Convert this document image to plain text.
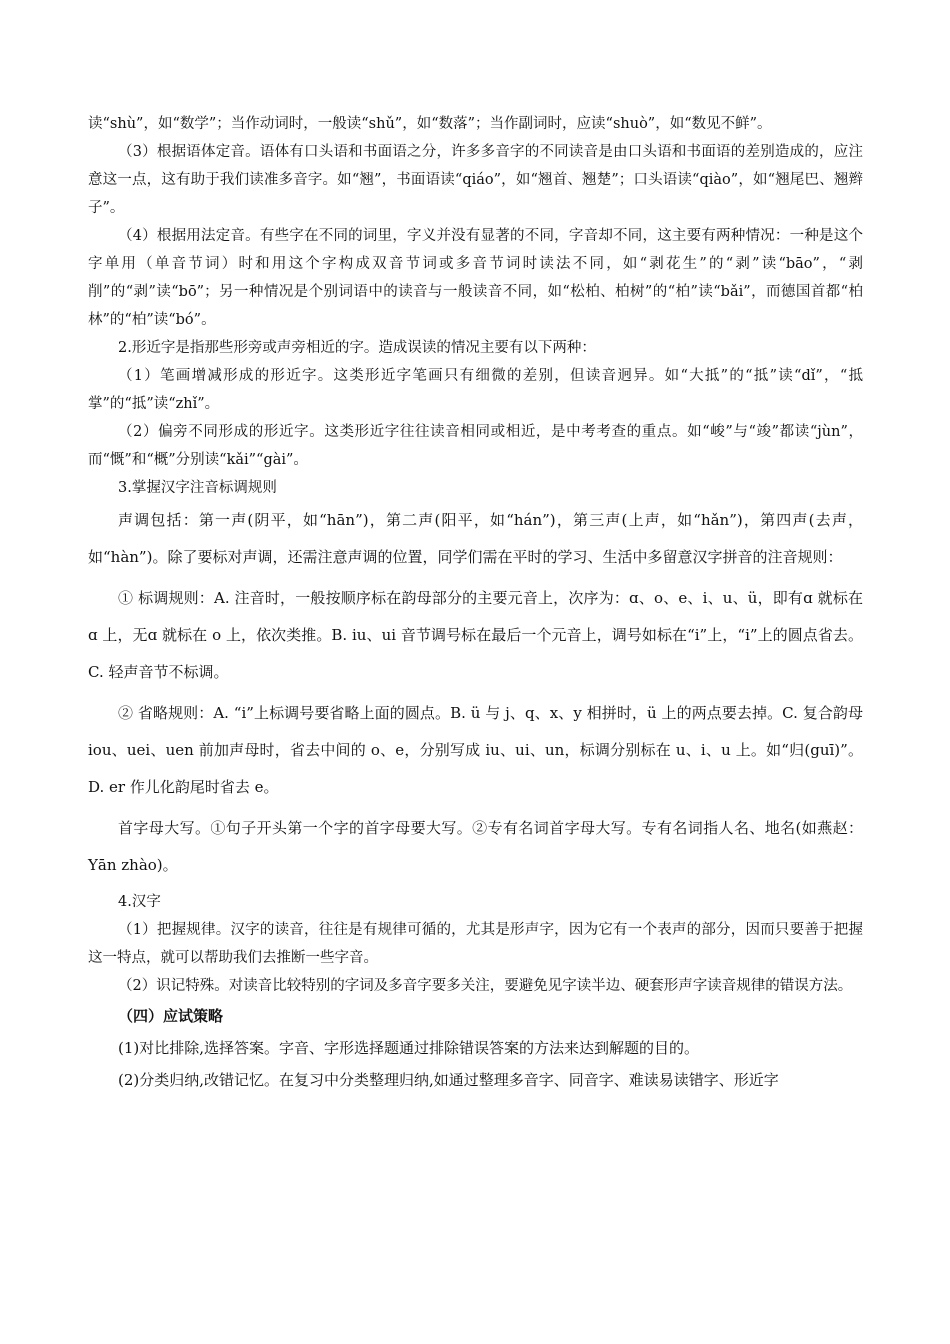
读“shù”，如“数学”；当作动词时，一般读“shǔ”，如“数落”；当作副词时，应读“shuò”，如“数见不鲜”。

（3）根据语体定音。语体有口头语和书面语之分，许多多音字的不同读音是由口头语和书面语的差别造成的，应注意这一点，这有助于我们读准多音字。如“翘”，书面语读“qiáo”，如“翘首、翘楚”；口头语读“qiào”，如“翘尾巴、翘辫子”。

（4）根据用法定音。有些字在不同的词里，字义并没有显著的不同，字音却不同，这主要有两种情况：一种是这个字单用（单音节词）时和用这个字构成双音节词或多音节词时读法不同，如“剥花生”的“剥”读“bāo”，“剥削”的“剥”读“bō”；另一种情况是个别词语中的读音与一般读音不同，如“松柏、柏树”的“柏”读“bǎi”，而德国首都“柏林”的“柏”读“bó”。

2.形近字是指那些形旁或声旁相近的字。造成误读的情况主要有以下两种：

（1）笔画增减形成的形近字。这类形近字笔画只有细微的差别，但读音迥异。如“大抵”的“抵”读“dǐ”，“抵掌”的“抵”读“zhǐ”。

（2）偏旁不同形成的形近字。这类形近字往往读音相同或相近，是中考考查的重点。如“峻”与“竣”都读“jùn”，而“慨”和“概”分别读“kǎi”“gài”。

3.掌握汉字注音标调规则

声调包括：第一声(阴平，如“hān”)，第二声(阳平，如“hán”)，第三声(上声，如“hǎn”)，第四声(去声，如“hàn”)。除了要标对声调，还需注意声调的位置，同学们需在平时的学习、生活中多留意汉字拼音的注音规则：

① 标调规则：A. 注音时，一般按顺序标在韵母部分的主要元音上，次序为：ɑ、o、e、i、u、ü，即有ɑ 就标在ɑ 上，无ɑ 就标在 o 上，依次类推。B. iu、ui 音节调号标在最后一个元音上，调号如标在“i”上，“i”上的圆点省去。C. 轻声音节不标调。

② 省略规则：A. “i”上标调号要省略上面的圆点。B. ü 与 j、q、x、y 相拼时，ü 上的两点要去掉。C. 复合韵母 iou、uei、uen 前加声母时，省去中间的 o、e，分别写成 iu、ui、un，标调分别标在 u、i、u 上。如“归(guī)”。D. er 作儿化韵尾时省去 e。

首字母大写。①句子开头第一个字的首字母要大写。②专有名词首字母大写。专有名词指人名、地名(如燕赵：Yān zhào)。

4.汉字

（1）把握规律。汉字的读音，往往是有规律可循的，尤其是形声字，因为它有一个表声的部分，因而只要善于把握这一特点，就可以帮助我们去推断一些字音。

（2）识记特殊。对读音比较特别的字词及多音字要多关注，要避免见字读半边、硬套形声字读音规律的错误方法。

（四）应试策略

(1)对比排除,选择答案。字音、字形选择题通过排除错误答案的方法来达到解题的目的。

(2)分类归纳,改错记忆。在复习中分类整理归纳,如通过整理多音字、同音字、难读易读错字、形近字
